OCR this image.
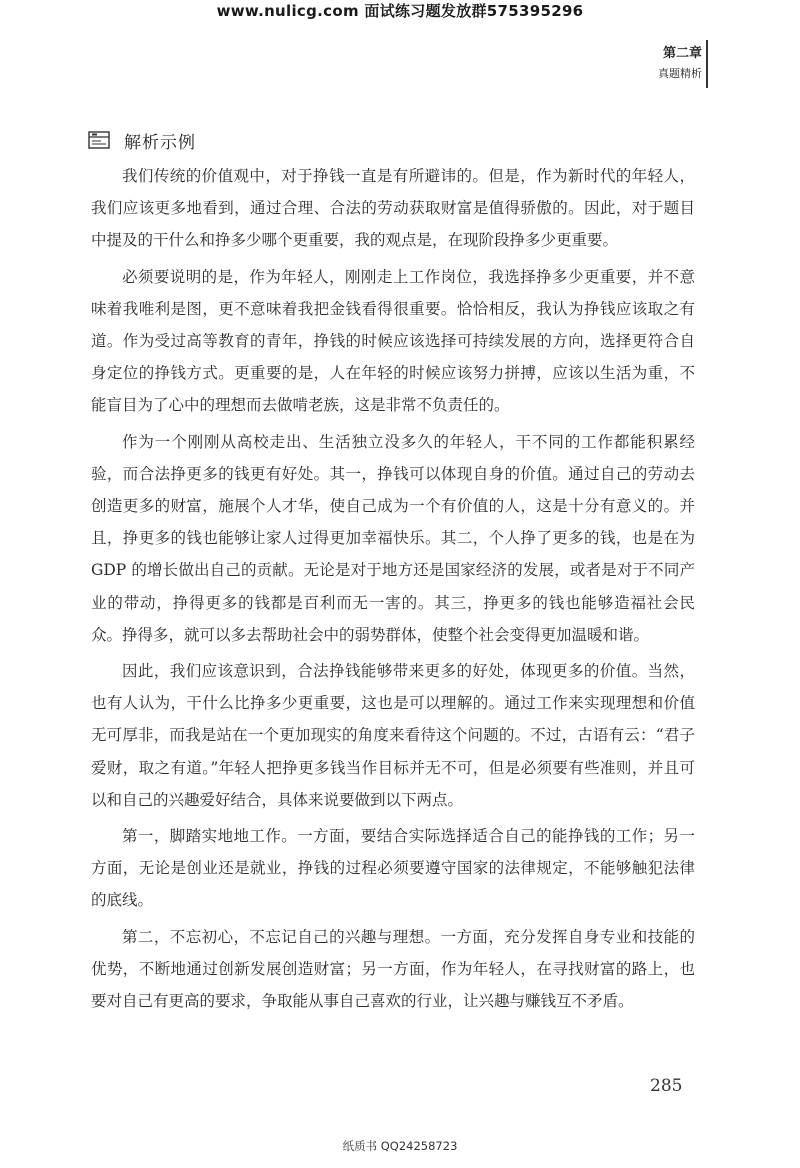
www.nulicg.com 面试练习题发放群575395296
第二章
真题精析
解析示例

我们传统的价值观中，对于挣钱一直是有所避讳的。但是，作为新时代的年轻人，我们应该更多地看到，通过合理、合法的劳动获取财富是值得骄傲的。因此，对于题目中提及的干什么和挣多少哪个更重要，我的观点是，在现阶段挣多少更重要。

必须要说明的是，作为年轻人，刚刚走上工作岗位，我选择挣多少更重要，并不意味着我唯利是图，更不意味着我把金钱看得很重要。恰恰相反，我认为挣钱应该取之有道。作为受过高等教育的青年，挣钱的时候应该选择可持续发展的方向，选择更符合自身定位的挣钱方式。更重要的是，人在年轻的时候应该努力拼搏，应该以生活为重，不能盲目为了心中的理想而去做啃老族，这是非常不负责任的。

作为一个刚刚从高校走出、生活独立没多久的年轻人，干不同的工作都能积累经验，而合法挣更多的钱更有好处。其一，挣钱可以体现自身的价值。通过自己的劳动去创造更多的财富，施展个人才华，使自己成为一个有价值的人，这是十分有意义的。并且，挣更多的钱也能够让家人过得更加幸福快乐。其二，个人挣了更多的钱，也是在为 GDP 的增长做出自己的贡献。无论是对于地方还是国家经济的发展，或者是对于不同产业的带动，挣得更多的钱都是百利而无一害的。其三，挣更多的钱也能够造福社会民众。挣得多，就可以多去帮助社会中的弱势群体，使整个社会变得更加温暖和谐。

因此，我们应该意识到，合法挣钱能够带来更多的好处，体现更多的价值。当然，也有人认为，干什么比挣多少更重要，这也是可以理解的。通过工作来实现理想和价值无可厚非，而我是站在一个更加现实的角度来看待这个问题的。不过，古语有云：“君子爱财，取之有道。”年轻人把挣更多钱当作目标并无不可，但是必须要有些准则，并且可以和自己的兴趣爱好结合，具体来说要做到以下两点。

第一，脚踏实地地工作。一方面，要结合实际选择适合自己的能挣钱的工作；另一方面，无论是创业还是就业，挣钱的过程必须要遵守国家的法律规定，不能够触犯法律的底线。

第二，不忘初心，不忘记自己的兴趣与理想。一方面，充分发挥自身专业和技能的优势，不断地通过创新发展创造财富；另一方面，作为年轻人，在寻找财富的路上，也要对自己有更高的要求，争取能从事自己喜欢的行业，让兴趣与赚钱互不矛盾。

285
纸质书 QQ24258723
